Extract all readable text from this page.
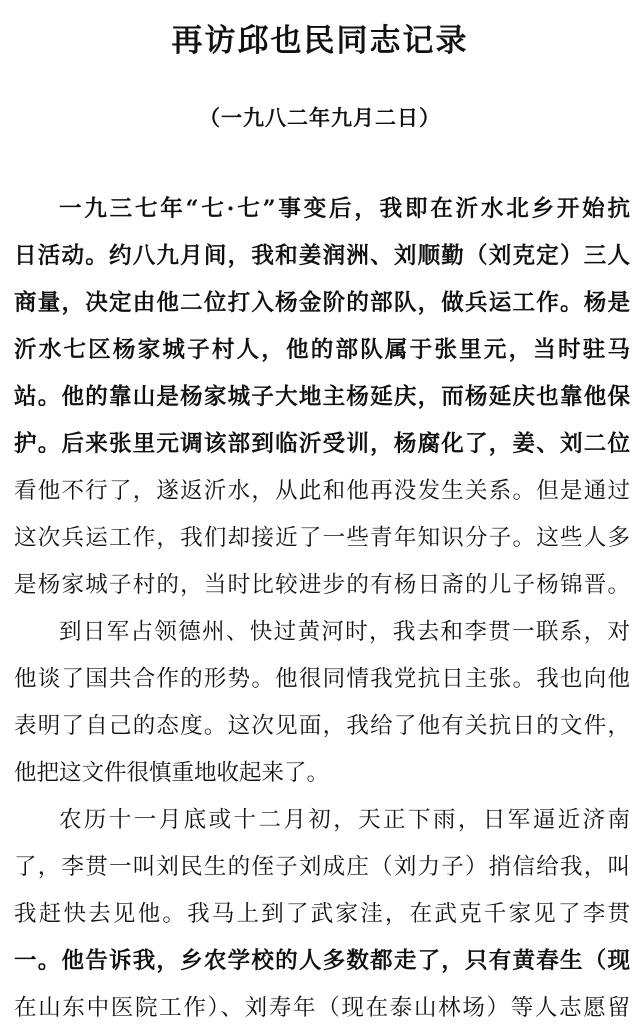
再访邱也民同志记录
（一九八二年九月二日）
一九三七年“七·七”事变后，我即在沂水北乡开始抗
日活动。约八九月间，我和姜润洲、刘顺勤（刘克定）三人
商量，决定由他二位打入杨金阶的部队，做兵运工作。杨是
沂水七区杨家城子村人，他的部队属于张里元，当时驻马
站。他的靠山是杨家城子大地主杨延庆，而杨延庆也靠他保
护。后来张里元调该部到临沂受训，杨腐化了，姜、刘二位
看他不行了，遂返沂水，从此和他再没发生关系。但是通过
这次兵运工作，我们却接近了一些青年知识分子。这些人多
是杨家城子村的，当时比较进步的有杨日斋的儿子杨锦晋。
到日军占领德州、快过黄河时，我去和李贯一联系，对
他谈了国共合作的形势。他很同情我党抗日主张。我也向他
表明了自己的态度。这次见面，我给了他有关抗日的文件，
他把这文件很慎重地收起来了。
农历十一月底或十二月初，天正下雨，日军逼近济南
了，李贯一叫刘民生的侄子刘成庄（刘力子）捎信给我，叫
我赶快去见他。我马上到了武家洼，在武克千家见了李贯
一。他告诉我，乡农学校的人多数都走了，只有黄春生（现
在山东中医院工作）、刘寿年（现在泰山林场）等人志愿留
